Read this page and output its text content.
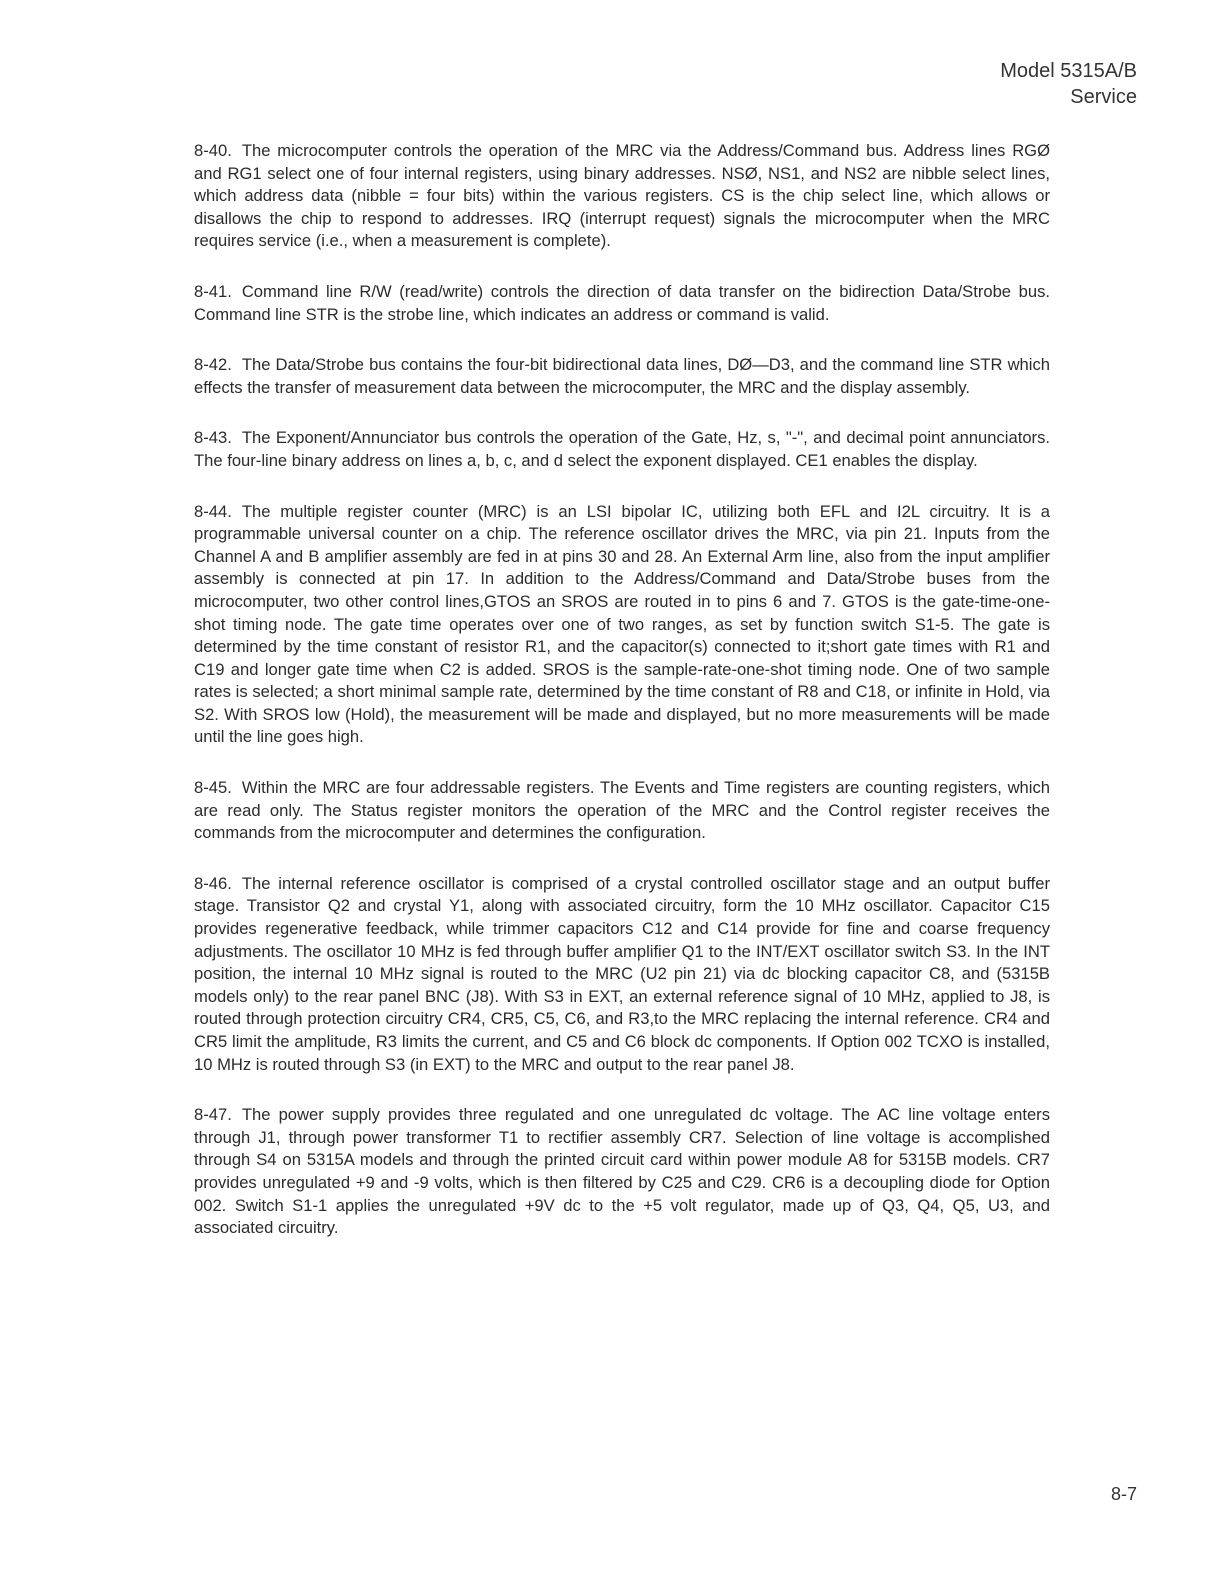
Model 5315A/B
Service

8-40. The microcomputer controls the operation of the MRC via the Address/Command bus. Address lines RGØ and RG1 select one of four internal registers, using binary addresses. NSØ, NS1, and NS2 are nibble select lines, which address data (nibble = four bits) within the various registers. CS is the chip select line, which allows or disallows the chip to respond to addresses. IRQ (interrupt request) signals the microcomputer when the MRC requires service (i.e., when a measurement is complete).

8-41. Command line R/W (read/write) controls the direction of data transfer on the bidirection Data/Strobe bus. Command line STR is the strobe line, which indicates an address or command is valid.

8-42. The Data/Strobe bus contains the four-bit bidirectional data lines, DØ—D3, and the command line STR which effects the transfer of measurement data between the microcomputer, the MRC and the display assembly.

8-43. The Exponent/Annunciator bus controls the operation of the Gate, Hz, s, "-", and decimal point annunciators. The four-line binary address on lines a, b, c, and d select the exponent displayed. CE1 enables the display.

8-44. The multiple register counter (MRC) is an LSI bipolar IC, utilizing both EFL and I2L circuitry. It is a programmable universal counter on a chip. The reference oscillator drives the MRC, via pin 21. Inputs from the Channel A and B amplifier assembly are fed in at pins 30 and 28. An External Arm line, also from the input amplifier assembly is connected at pin 17. In addition to the Address/Command and Data/Strobe buses from the microcomputer, two other control lines,GTOS an SROS are routed in to pins 6 and 7. GTOS is the gate-time-one-shot timing node. The gate time operates over one of two ranges, as set by function switch S1-5. The gate is determined by the time constant of resistor R1, and the capacitor(s) connected to it;short gate times with R1 and C19 and longer gate time when C2 is added. SROS is the sample-rate-one-shot timing node. One of two sample rates is selected; a short minimal sample rate, determined by the time constant of R8 and C18, or infinite in Hold, via S2. With SROS low (Hold), the measurement will be made and displayed, but no more measurements will be made until the line goes high.

8-45. Within the MRC are four addressable registers. The Events and Time registers are counting registers, which are read only. The Status register monitors the operation of the MRC and the Control register receives the commands from the microcomputer and determines the configuration.

8-46. The internal reference oscillator is comprised of a crystal controlled oscillator stage and an output buffer stage. Transistor Q2 and crystal Y1, along with associated circuitry, form the 10 MHz oscillator. Capacitor C15 provides regenerative feedback, while trimmer capacitors C12 and C14 provide for fine and coarse frequency adjustments. The oscillator 10 MHz is fed through buffer amplifier Q1 to the INT/EXT oscillator switch S3. In the INT position, the internal 10 MHz signal is routed to the MRC (U2 pin 21) via dc blocking capacitor C8, and (5315B models only) to the rear panel BNC (J8). With S3 in EXT, an external reference signal of 10 MHz, applied to J8, is routed through protection circuitry CR4, CR5, C5, C6, and R3,to the MRC replacing the internal reference. CR4 and CR5 limit the amplitude, R3 limits the current, and C5 and C6 block dc components. If Option 002 TCXO is installed, 10 MHz is routed through S3 (in EXT) to the MRC and output to the rear panel J8.

8-47. The power supply provides three regulated and one unregulated dc voltage. The AC line voltage enters through J1, through power transformer T1 to rectifier assembly CR7. Selection of line voltage is accomplished through S4 on 5315A models and through the printed circuit card within power module A8 for 5315B models. CR7 provides unregulated +9 and -9 volts, which is then filtered by C25 and C29. CR6 is a decoupling diode for Option 002. Switch S1-1 applies the unregulated +9V dc to the +5 volt regulator, made up of Q3, Q4, Q5, U3, and associated circuitry.

8-7
